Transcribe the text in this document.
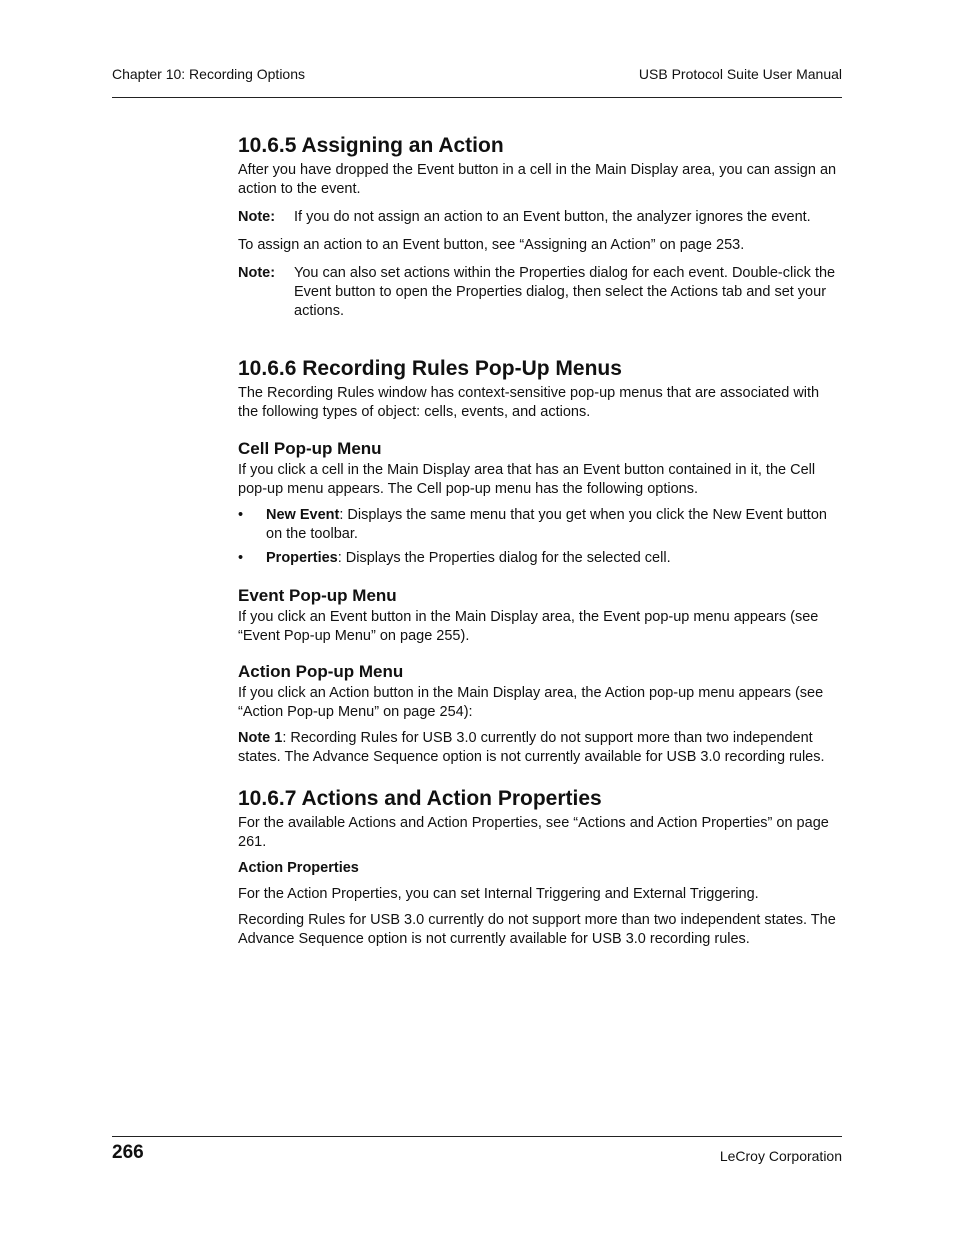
Chapter 10: Recording Options	USB Protocol Suite User Manual
10.6.5 Assigning an Action

After you have dropped the Event button in a cell in the Main Display area, you can assign an action to the event.

Note:	If you do not assign an action to an Event button, the analyzer ignores the event.

To assign an action to an Event button, see “Assigning an Action” on page 253.

Note:	You can also set actions within the Properties dialog for each event. Double-click the Event button to open the Properties dialog, then select the Actions tab and set your actions.
10.6.6 Recording Rules Pop-Up Menus

The Recording Rules window has context-sensitive pop-up menus that are associated with the following types of object: cells, events, and actions.

Cell Pop-up Menu

If you click a cell in the Main Display area that has an Event button contained in it, the Cell pop-up menu appears. The Cell pop-up menu has the following options.

•	New Event: Displays the same menu that you get when you click the New Event button on the toolbar.
•	Properties: Displays the Properties dialog for the selected cell.
Event Pop-up Menu

If you click an Event button in the Main Display area, the Event pop-up menu appears (see “Event Pop-up Menu” on page 255).

Action Pop-up Menu

If you click an Action button in the Main Display area, the Action pop-up menu appears (see “Action Pop-up Menu” on page 254):

Note 1: Recording Rules for USB 3.0 currently do not support more than two independent states. The Advance Sequence option is not currently available for USB 3.0 recording rules.

10.6.7 Actions and Action Properties

For the available Actions and Action Properties, see “Actions and Action Properties” on page 261.

Action Properties

For the Action Properties, you can set Internal Triggering and External Triggering.

Recording Rules for USB 3.0 currently do not support more than two independent states. The Advance Sequence option is not currently available for USB 3.0 recording rules.

266	LeCroy Corporation
